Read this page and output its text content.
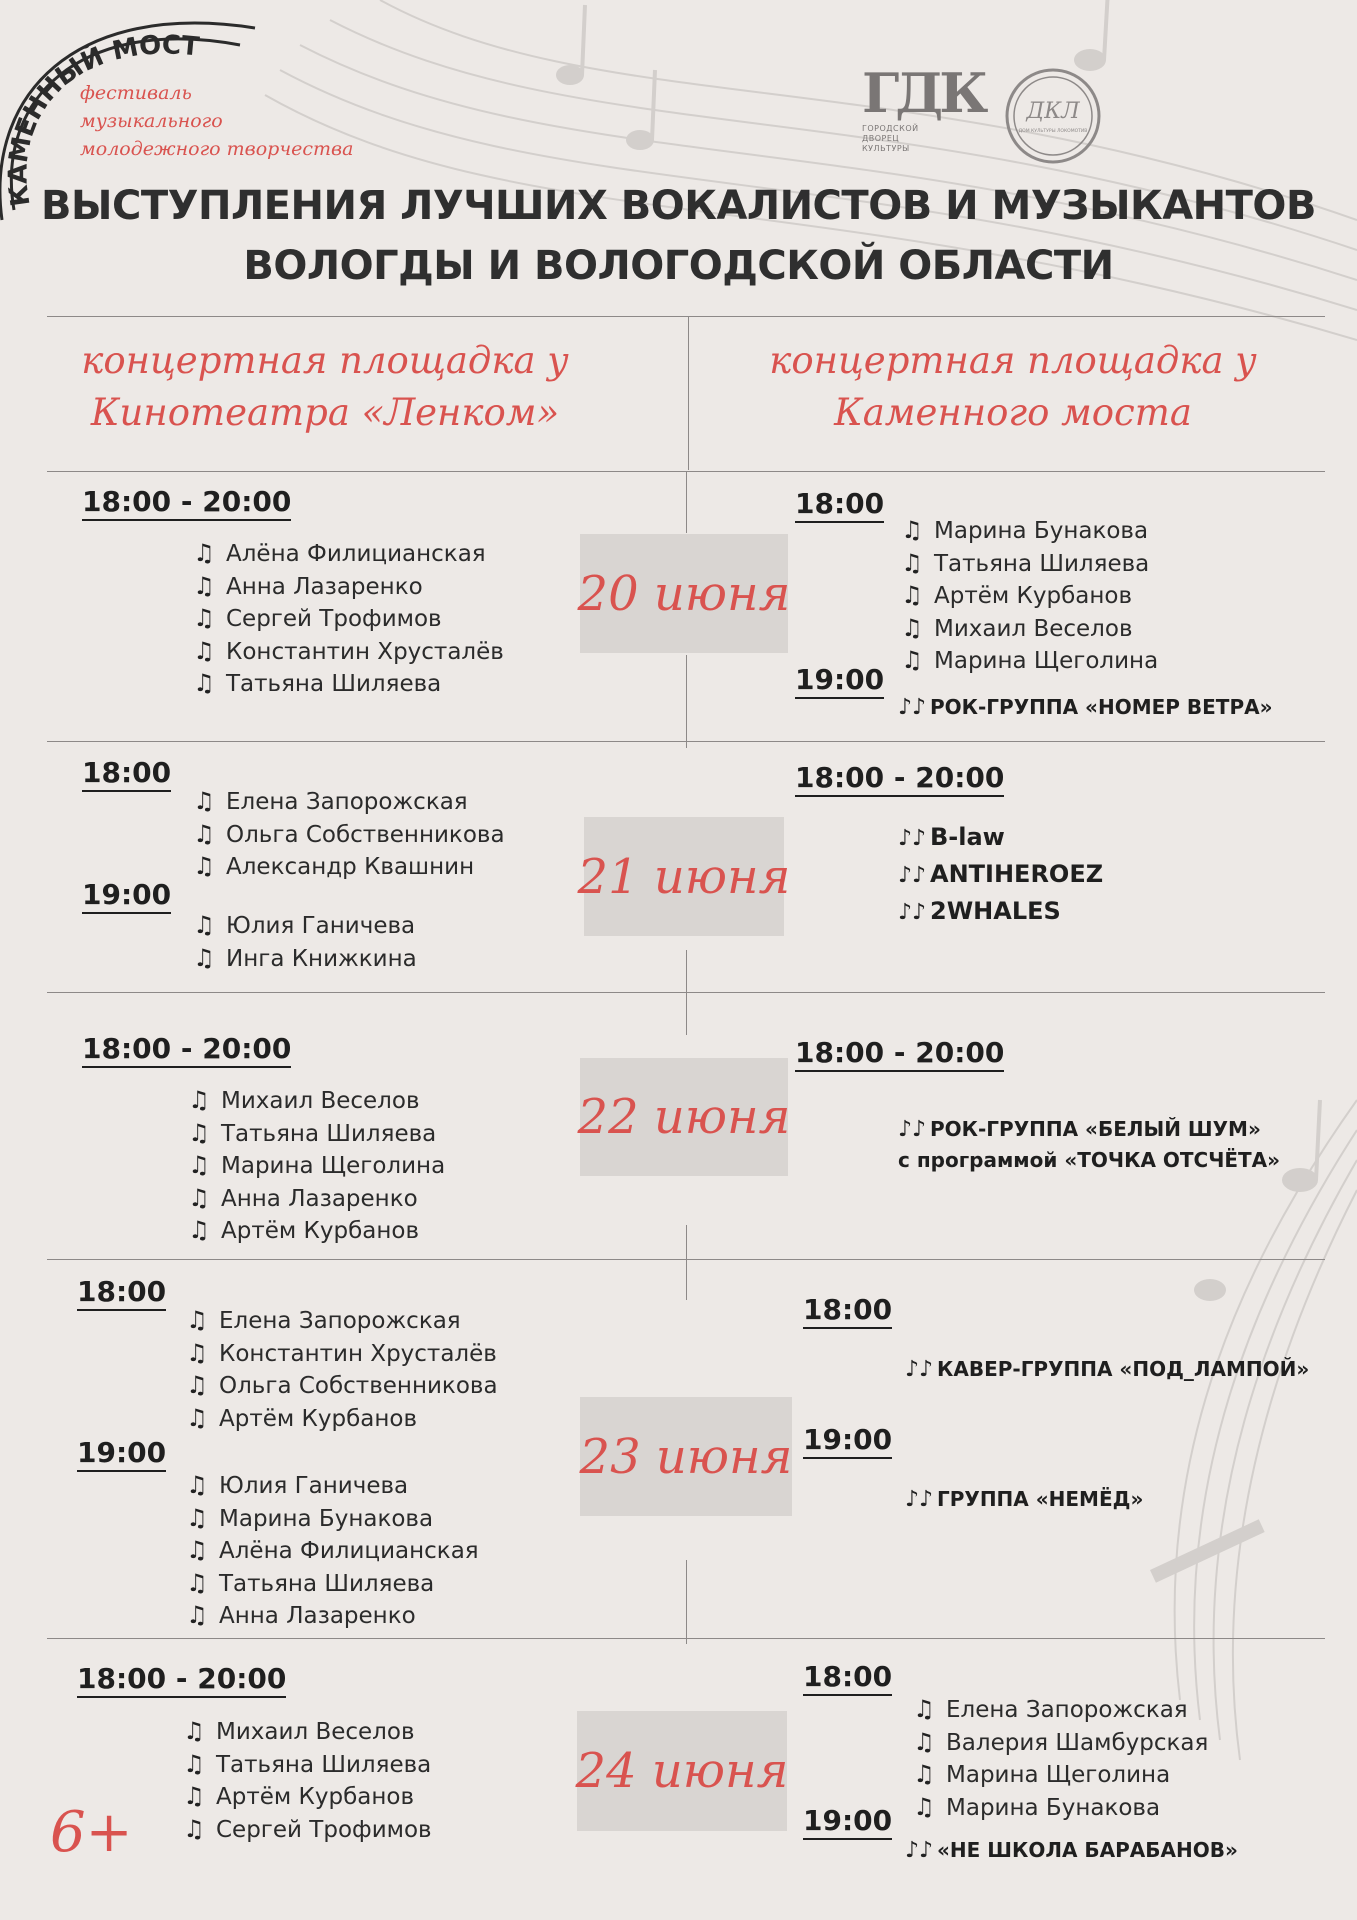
КАМЕННЫЙ МОСТ
фестиваль
музыкального
молодежного творчества
ГДК
ГОРОДСКОЙ
ДВОРЕЦ
КУЛЬТУРЫ
ДКЛ
ДОМ КУЛЬТУРЫ ЛОКОМОТИВ
ВЫСТУПЛЕНИЯ ЛУЧШИХ ВОКАЛИСТОВ И МУЗЫКАНТОВ
ВОЛОГДЫ И ВОЛОГОДСКОЙ ОБЛАСТИ
концертная площадка у
Кинотеатра «Ленком»
концертная площадка у
Каменного моста
18:00 - 20:00
♫ Алёна Филицианская
♫ Анна Лазаренко
♫ Сергей Трофимов
♫ Константин Хрусталёв
♫ Татьяна Шиляева
20 июня
18:00
♫ Марина Бунакова
♫ Татьяна Шиляева
♫ Артём Курбанов
♫ Михаил Веселов
♫ Марина Щеголина
19:00
♪♪ РОК-ГРУППА «НОМЕР ВЕТРА»
18:00
♫ Елена Запорожская
♫ Ольга Собственникова
♫ Александр Квашнин
19:00
♫ Юлия Ганичева
♫ Инга Книжкина
21 июня
18:00 - 20:00
♪♪ B-law
♪♪ ANTIHEROEZ
♪♪ 2WHALES
18:00 - 20:00
♫ Михаил Веселов
♫ Татьяна Шиляева
♫ Марина Щеголина
♫ Анна Лазаренко
♫ Артём Курбанов
22 июня
18:00 - 20:00
♪♪ РОК-ГРУППА «БЕЛЫЙ ШУМ»
с программой «ТОЧКА ОТСЧЁТА»
18:00
♫ Елена Запорожская
♫ Константин Хрусталёв
♫ Ольга Собственникова
♫ Артём Курбанов
19:00
♫ Юлия Ганичева
♫ Марина Бунакова
♫ Алёна Филицианская
♫ Татьяна Шиляева
♫ Анна Лазаренко
23 июня
18:00
♪♪ КАВЕР-ГРУППА «ПОД_ЛАМПОЙ»
19:00
♪♪ ГРУППА «НЕМЁД»
18:00 - 20:00
♫ Михаил Веселов
♫ Татьяна Шиляева
♫ Артём Курбанов
♫ Сергей Трофимов
24 июня
18:00
♫ Елена Запорожская
♫ Валерия Шамбурская
♫ Марина Щеголина
♫ Марина Бунакова
19:00
♪♪ «НЕ ШКОЛА БАРАБАНОВ»
6+
